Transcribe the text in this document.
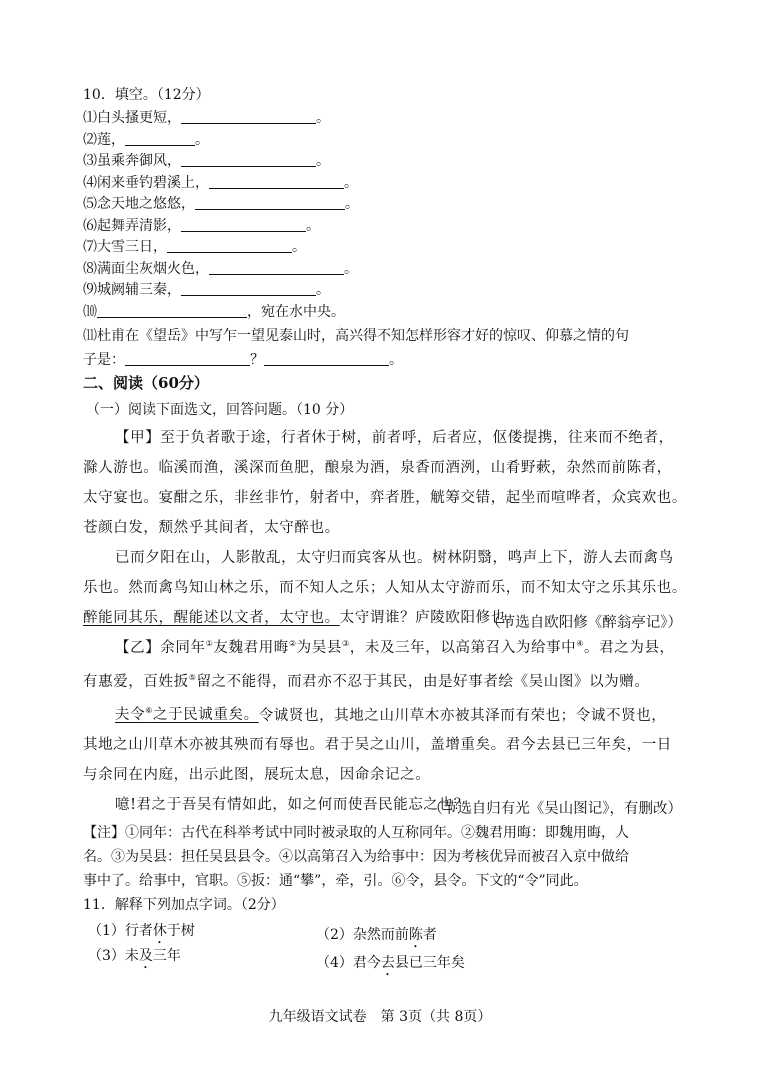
10．填空。（12分）
⑴白头搔更短，	。
⑵莲，	。
⑶虽乘奔御风，	。
⑷闲来垂钓碧溪上，	。
⑸念天地之悠悠，	。
⑹起舞弄清影，	。
⑺大雪三日，	。
⑻满面尘灰烟火色，	。
⑼城阙辅三秦，	。
⑽	，宛在水中央。
⑾杜甫在《望岳》中写乍一望见泰山时，高兴得不知怎样形容才好的惊叹、仰慕之情的句
子是：	？	。
二、阅读（60分）
（一）阅读下面选文，回答问题。（10 分）
【甲】至于负者歌于途，行者休于树，前者呼，后者应，伛偻提携，往来而不绝者，
滁人游也。临溪而渔，溪深而鱼肥，酿泉为酒，泉香而酒洌，山肴野蔌，杂然而前陈者，
太守宴也。宴酣之乐，非丝非竹，射者中，弈者胜，觥筹交错，起坐而喧哗者，众宾欢也。
苍颜白发，颓然乎其间者，太守醉也。
已而夕阳在山，人影散乱，太守归而宾客从也。树林阴翳，鸣声上下，游人去而禽鸟
乐也。然而禽鸟知山林之乐，而不知人之乐；人知从太守游而乐，而不知太守之乐其乐也。
醉能同其乐，醒能述以文者，太守也。太守谓谁？庐陵欧阳修也。
（节选自欧阳修《醉翁亭记》）
【乙】余同年①友魏君用晦②为吴县③，未及三年，以高第召入为给事中④。君之为县，
有惠爱，百姓扳⑤留之不能得，而君亦不忍于其民，由是好事者绘《吴山图》以为赠。
夫令⑥之于民诚重矣。令诚贤也，其地之山川草木亦被其泽而有荣也；令诚不贤也，
其地之山川草木亦被其殃而有辱也。君于吴之山川，盖增重矣。君今去县已三年矣，一日
与余同在内庭，出示此图，展玩太息，因命余记之。
噫!君之于吾吴有情如此，如之何而使吾民能忘之也？
（节选自归有光《吴山图记》，有删改）
【注】①同年：古代在科举考试中同时被录取的人互称同年。②魏君用晦：即魏用晦，人
名。③为吴县：担任吴县县令。④以高第召入为给事中：因为考核优异而被召入京中做给
事中了。给事中，官职。⑤扳：通“攀”，牵，引。⑥令，县令。下文的“令”同此。
11．解释下列加点字词。（2分）
（1）行者休于树	（2）杂然而前陈者
（3）未及三年	（4）君今去县已三年矣
九年级语文试卷　第 3页（共 8页）
